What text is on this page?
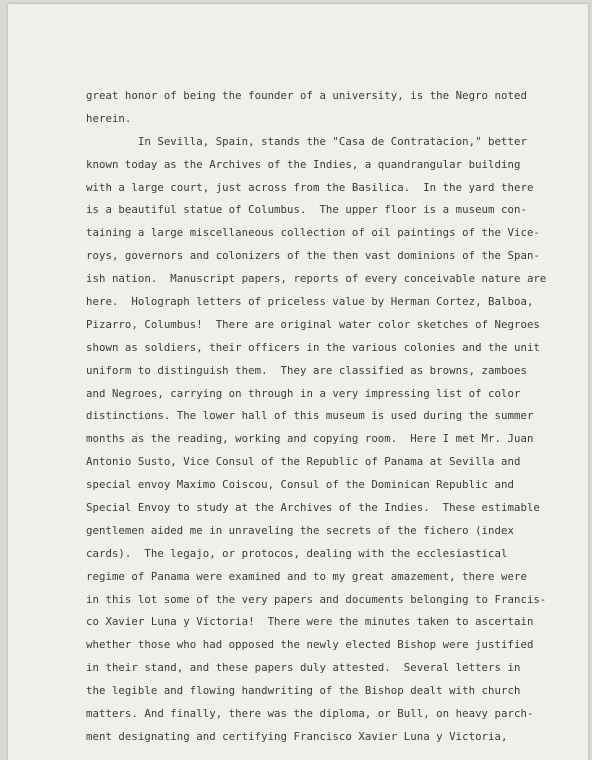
great honor of being the founder of a university, is the Negro noted
herein.
In Sevilla, Spain, stands the "Casa de Contratacion," better
known today as the Archives of the Indies, a quandrangular building
with a large court, just across from the Basilica.  In the yard there
is a beautiful statue of Columbus.  The upper floor is a museum con-
taining a large miscellaneous collection of oil paintings of the Vice-
roys, governors and colonizers of the then vast dominions of the Span-
ish nation.  Manuscript papers, reports of every conceivable nature are
here.  Holograph letters of priceless value by Herman Cortez, Balboa,
Pizarro, Columbus!  There are original water color sketches of Negroes
shown as soldiers, their officers in the various colonies and the unit
uniform to distinguish them.  They are classified as browns, zamboes
and Negroes, carrying on through in a very impressing list of color
distinctions. The lower hall of this museum is used during the summer
months as the reading, working and copying room.  Here I met Mr. Juan
Antonio Susto, Vice Consul of the Republic of Panama at Sevilla and
special envoy Maximo Coiscou, Consul of the Dominican Republic and
Special Envoy to study at the Archives of the Indies.  These estimable
gentlemen aided me in unraveling the secrets of the fichero (index
cards).  The legajo, or protocos, dealing with the ecclesiastical
regime of Panama were examined and to my great amazement, there were
in this lot some of the very papers and documents belonging to Francis-
co Xavier Luna y Victoria!  There were the minutes taken to ascertain
whether those who had opposed the newly elected Bishop were justified
in their stand, and these papers duly attested.  Several letters in
the legible and flowing handwriting of the Bishop dealt with church
matters. And finally, there was the diploma, or Bull, on heavy parch-
ment designating and certifying Francisco Xavier Luna y Victoria,
